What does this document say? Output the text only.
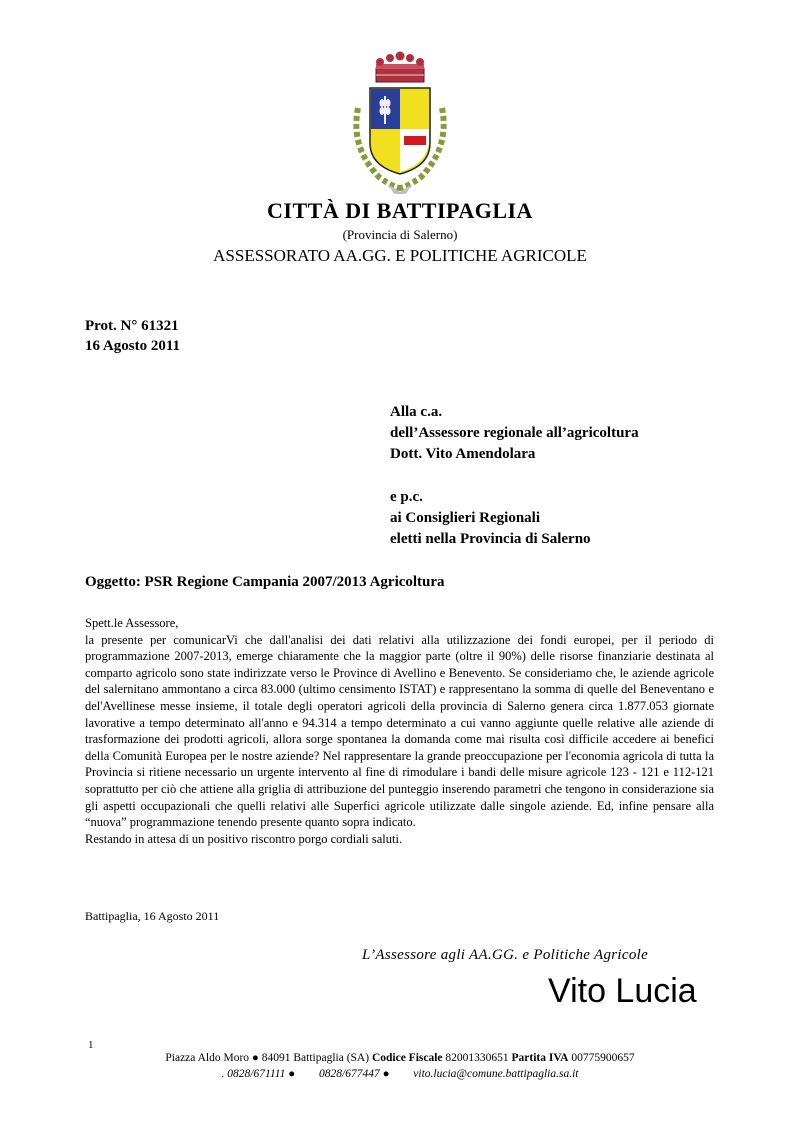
CITTÀ DI BATTIPAGLIA
(Provincia di Salerno)
ASSESSORATO AA.GG. E POLITICHE AGRICOLE
Prot. N° 61321
16 Agosto 2011
Alla c.a.
dell’Assessore regionale all’agricoltura
Dott. Vito Amendolara
e p.c.
ai Consiglieri Regionali
eletti nella Provincia di Salerno
Oggetto: PSR Regione Campania 2007/2013 Agricoltura

Spett.le Assessore,

la presente per comunicarVi che dall'analisi dei dati relativi alla utilizzazione dei fondi europei, per il periodo di programmazione 2007-2013, emerge chiaramente che la maggior parte (oltre il 90%) delle risorse finanziarie destinata al comparto agricolo sono state indirizzate verso le Province di Avellino e Benevento. Se consideriamo che, le aziende agricole del salernitano ammontano a circa 83.000 (ultimo censimento ISTAT) e rappresentano la somma di quelle del Beneventano e del'Avellinese messe insieme, il totale degli operatori agricoli della provincia di Salerno genera circa 1.877.053 giornate lavorative a tempo determinato all'anno e 94.314 a tempo determinato a cui vanno aggiunte quelle relative alle aziende di trasformazione dei prodotti agricoli, allora sorge spontanea la domanda come mai risulta così difficile accedere ai benefici della Comunità Europea per le nostre aziende? Nel rappresentare la grande preoccupazione per l'economia agricola di tutta la Provincia si ritiene necessario un urgente intervento al fine di rimodulare i bandi delle misure agricole 123 - 121 e 112-121 soprattutto per ciò che attiene alla griglia di attribuzione del punteggio inserendo parametri che tengono in considerazione sia gli aspetti occupazionali che quelli relativi alle Superfici agricole utilizzate dalle singole aziende. Ed, infine pensare alla “nuova” programmazione tenendo presente quanto sopra indicato.

Restando in attesa di un positivo riscontro porgo cordiali saluti.

Battipaglia, 16 Agosto 2011
L’Assessore agli AA.GG. e Politiche Agricole
Vito Lucia
1
Piazza Aldo Moro ● 84091 Battipaglia (SA) Codice Fiscale 82001330651 Partita IVA 00775900657
. 0828/671111 ● 0828/677447 ● vito.lucia@comune.battipaglia.sa.it
